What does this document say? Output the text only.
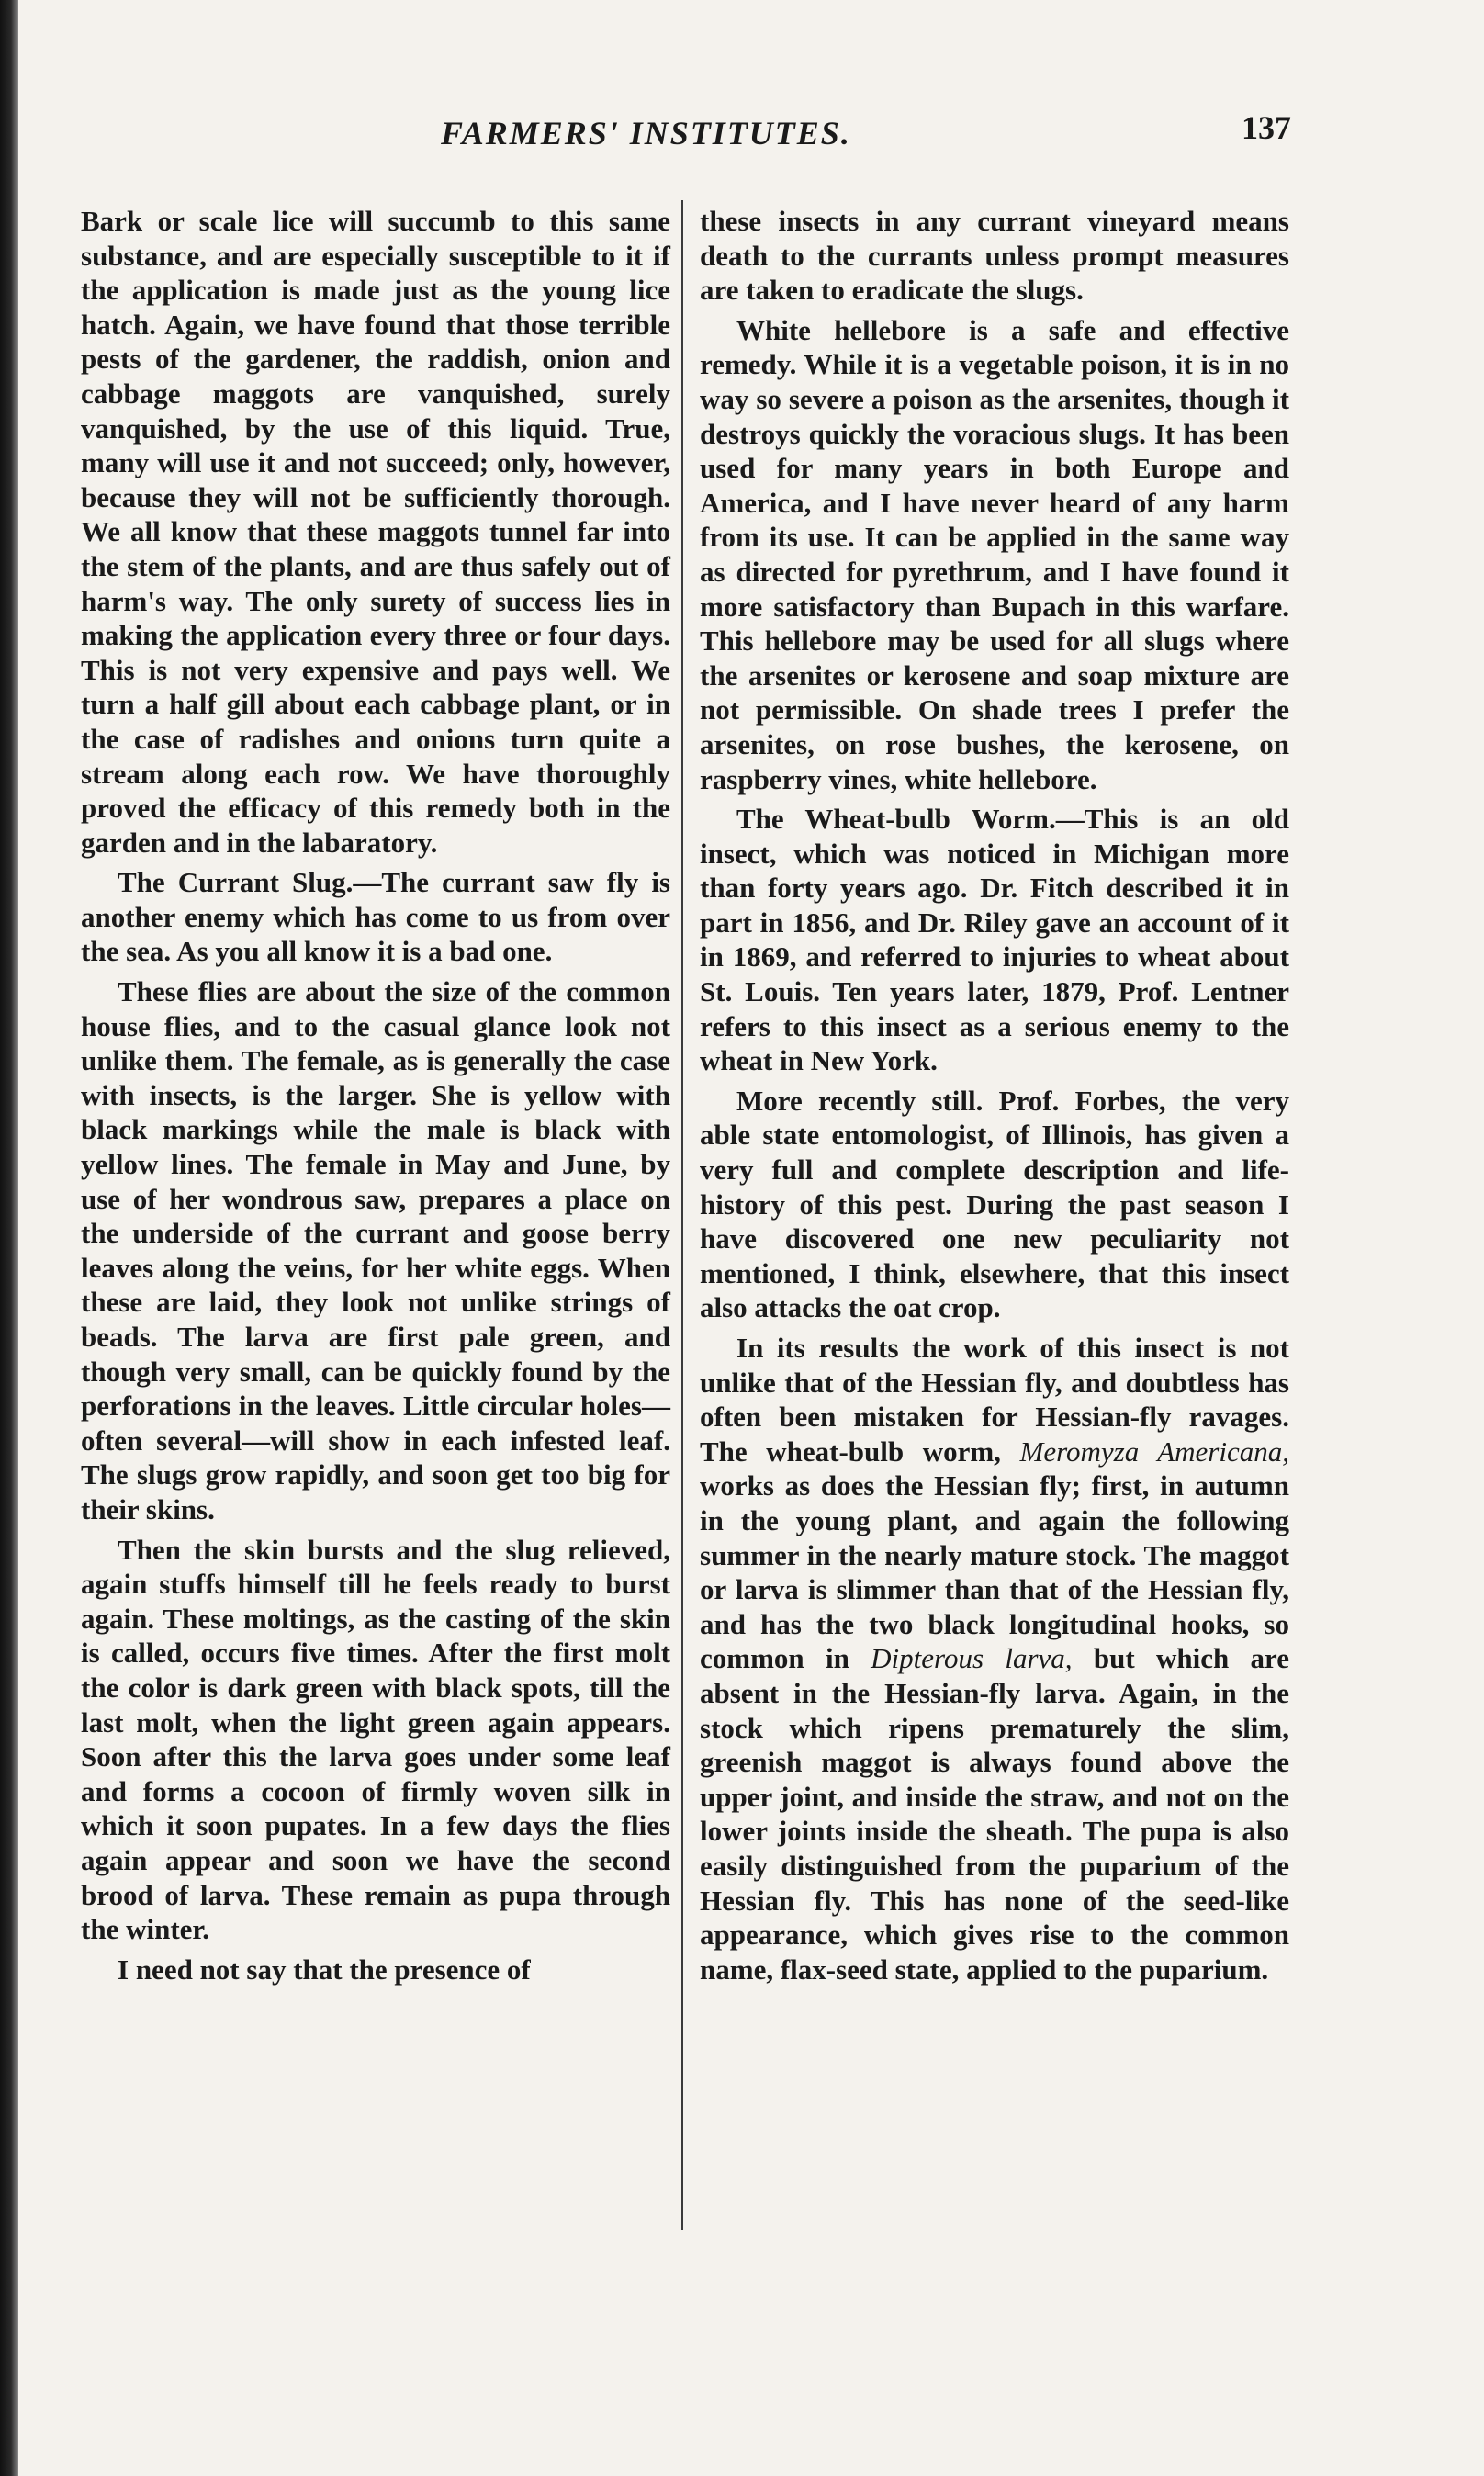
FARMERS' INSTITUTES.	137

Bark or scale lice will succumb to this same substance, and are especially susceptible to it if the application is made just as the young lice hatch. Again, we have found that those terrible pests of the gardener, the raddish, onion and cabbage maggots are vanquished, surely vanquished, by the use of this liquid. True, many will use it and not succeed; only, however, because they will not be sufficiently thorough. We all know that these maggots tunnel far into the stem of the plants, and are thus safely out of harm's way. The only surety of success lies in making the application every three or four days. This is not very expensive and pays well. We turn a half gill about each cabbage plant, or in the case of radishes and onions turn quite a stream along each row. We have thoroughly proved the efficacy of this remedy both in the garden and in the labaratory.

The Currant Slug.—The currant saw fly is another enemy which has come to us from over the sea. As you all know it is a bad one.

These flies are about the size of the common house flies, and to the casual glance look not unlike them. The female, as is generally the case with insects, is the larger. She is yellow with black markings while the male is black with yellow lines. The female in May and June, by use of her wondrous saw, prepares a place on the underside of the currant and goose berry leaves along the veins, for her white eggs. When these are laid, they look not unlike strings of beads. The larva are first pale green, and though very small, can be quickly found by the perforations in the leaves. Little circular holes—often several—will show in each infested leaf. The slugs grow rapidly, and soon get too big for their skins.

Then the skin bursts and the slug relieved, again stuffs himself till he feels ready to burst again. These moltings, as the casting of the skin is called, occurs five times. After the first molt the color is dark green with black spots, till the last molt, when the light green again appears. Soon after this the larva goes under some leaf and forms a cocoon of firmly woven silk in which it soon pupates. In a few days the flies again appear and soon we have the second brood of larva. These remain as pupa through the winter.

I need not say that the presence of

these insects in any currant vineyard means death to the currants unless prompt measures are taken to eradicate the slugs.

White hellebore is a safe and effective remedy. While it is a vegetable poison, it is in no way so severe a poison as the arsenites, though it destroys quickly the voracious slugs. It has been used for many years in both Europe and America, and I have never heard of any harm from its use. It can be applied in the same way as directed for pyrethrum, and I have found it more satisfactory than Bupach in this warfare. This hellebore may be used for all slugs where the arsenites or kerosene and soap mixture are not permissible. On shade trees I prefer the arsenites, on rose bushes, the kerosene, on raspberry vines, white hellebore.

The Wheat-bulb Worm.—This is an old insect, which was noticed in Michigan more than forty years ago. Dr. Fitch described it in part in 1856, and Dr. Riley gave an account of it in 1869, and referred to injuries to wheat about St. Louis. Ten years later, 1879, Prof. Lentner refers to this insect as a serious enemy to the wheat in New York.

More recently still. Prof. Forbes, the very able state entomologist, of Illinois, has given a very full and complete description and life-history of this pest. During the past season I have discovered one new peculiarity not mentioned, I think, elsewhere, that this insect also attacks the oat crop.

In its results the work of this insect is not unlike that of the Hessian fly, and doubtless has often been mistaken for Hessian-fly ravages. The wheat-bulb worm, Meromyza Americana, works as does the Hessian fly; first, in autumn in the young plant, and again the following summer in the nearly mature stock. The maggot or larva is slimmer than that of the Hessian fly, and has the two black longitudinal hooks, so common in Dipterous larva, but which are absent in the Hessian-fly larva. Again, in the stock which ripens prematurely the slim, greenish maggot is always found above the upper joint, and inside the straw, and not on the lower joints inside the sheath. The pupa is also easily distinguished from the puparium of the Hessian fly. This has none of the seed-like appearance, which gives rise to the common name, flax-seed state, applied to the puparium.
